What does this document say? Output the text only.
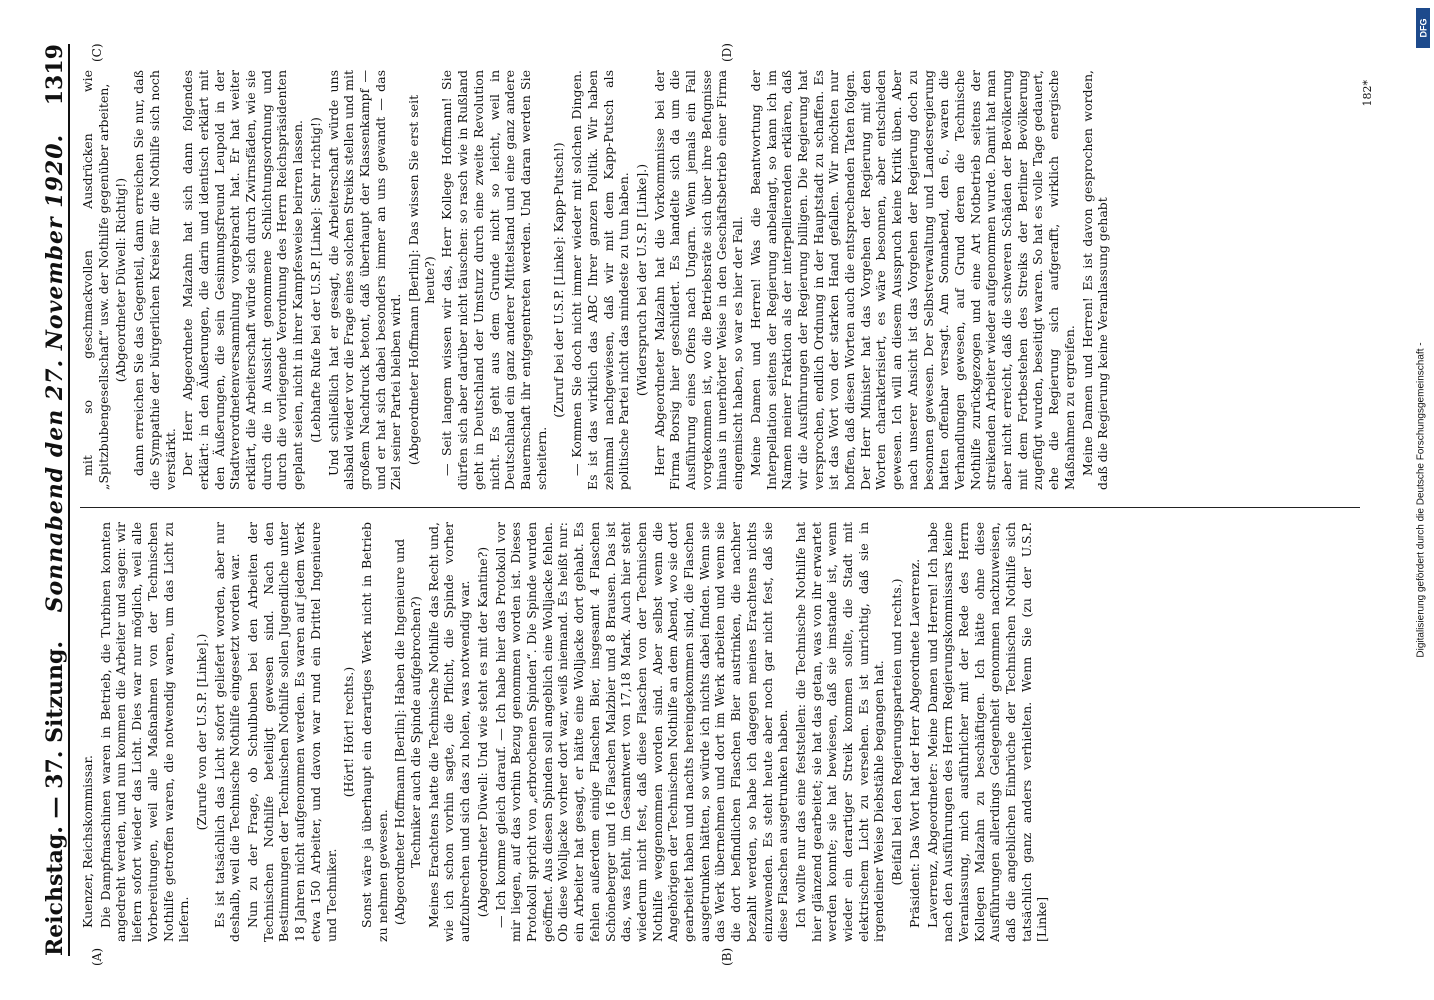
Reichstag. — 37. Sitzung.
Sonnabend den 27. November 1920.
1319

Kuenzer, Reichskommissar. Die Dampfmaschinen waren in Betrieb, die Turbinen konnten angedreht werden, und nun kommen die Arbeiter und sagen: wir liefern sofort wieder das Licht. Dies war nur möglich, weil alle Vorbereitungen, weil alle Maßnahmen von der Technischen Nothilfe getroffen waren, die notwendig waren, um das Licht zu liefern.

(Zurufe von der U.S.P. [Linke].) Es ist tatsächlich das Licht sofort geliefert worden, aber nur deshalb, weil die Technische Nothilfe eingesetzt worden war. Nun zu der Frage, ob Schulbuben bei den Arbeiten der Technischen Nothilfe beteiligt gewesen sind. Nach den Bestimmungen der Technischen Nothilfe sollen Jugendliche unter 18 Jahren nicht aufgenommen werden. Es waren auf jedem Werk etwa 150 Arbeiter, und davon war rund ein Drittel Ingenieure und Techniker.

(Hört! Hört! rechts.) Sonst wäre ja überhaupt ein derartiges Werk nicht in Betrieb zu nehmen gewesen. (Abgeordneter Hoffmann [Berlin]: Haben die Ingenieure und Techniker auch die Spinde aufgebrochen?) Meines Erachtens hatte die Technische Nothilfe das Recht und, wie ich schon vorhin sagte, die Pflicht, die Spinde vorher aufzubrechen und sich das zu holen, was notwendig war. (Abgeordneter Düwell: Und wie steht es mit der Kantine?) — Ich komme gleich darauf. — Ich habe hier das Protokoll vor mir liegen, auf das vorhin Bezug genommen worden ist. Dieses Protokoll spricht von „erbrochenen Spinden“. Die Spinde wurden geöffnet. Aus diesen Spinden soll angeblich eine Wolljacke fehlen. Ob diese Wolljacke vorher dort war, weiß niemand. Es heißt nur: ein Arbeiter hat gesagt, er hätte eine Wolljacke dort gehabt. Es fehlen außerdem einige Flaschen Bier, insgesamt 4 Flaschen Schöneberger und 16 Flaschen Malzbier und 8 Brausen. Das ist das, was fehlt, im Gesamtwert von 17,18 Mark. Auch hier steht wiederum nicht fest, daß diese Flaschen von der Technischen Nothilfe weggenommen worden sind. Aber selbst wenn die Angehörigen der Technischen Nothilfe an dem Abend, wo sie dort gearbeitet haben und nachts hereingekommen sind, die Flaschen ausgetrunken hätten, so würde ich nichts dabei finden. Wenn sie das Werk übernehmen und dort im Werk arbeiten und wenn sie die dort befindlichen Flaschen Bier austrinken, die nachher bezahlt werden, so habe ich dagegen meines Erachtens nichts einzuwenden. Es steht heute aber noch gar nicht fest, daß sie diese Flaschen ausgetrunken haben. Ich wollte nur das eine feststellen: die Technische Nothilfe hat hier glänzend gearbeitet; sie hat das getan, was von ihr erwartet werden konnte; sie hat bewiesen, daß sie imstande ist, wenn wieder ein derartiger Streik kommen sollte, die Stadt mit elektrischem Licht zu versehen. Es ist unrichtig, daß sie in irgendeiner Weise Diebstähle begangen hat. (Beifall bei den Regierungsparteien und rechts.) Präsident: Das Wort hat der Herr Abgeordnete Laverrenz. Laverrenz, Abgeordneter: Meine Damen und Herren! Ich habe nach den Ausführungen des Herrn Regierungskommissars keine Veranlassung, mich ausführlicher mit der Rede des Herrn Kollegen Malzahn zu beschäftigen. Ich hätte ohne diese Ausführungen allerdings Gelegenheit genommen nachzuweisen, daß die angeblichen Einbrüche der Technischen Nothilfe sich tatsächlich ganz anders verhielten. Wenn Sie (zu der U.S.P. [Linke]

mit so geschmackvollen Ausdrücken wie „Spitzbubengesellschaft“ usw. der Nothilfe gegenüber arbeiten, (Abgeordneter Düwell: Richtig!) dann erreichen Sie das Gegenteil, dann erreichen Sie nur, daß die Sympathie der bürgerlichen Kreise für die Nothilfe sich noch verstärkt. Der Herr Abgeordnete Malzahn hat sich dann folgendes erklärt: in den Äußerungen, die darin und identisch erklärt mit den Äußerungen, die sein Gesinnungsfreund Leupold in der Stadtverordnetenversammlung vorgebracht hat. Er hat weiter erklärt, die Arbeiterschaft würde sich durch Zwirnsfäden, wie sie durch die in Aussicht genommene Schlichtungsordnung und durch die vorliegende Verordnung des Herrn Reichspräsidenten geplant seien, nicht in ihrer Kampfesweise beirren lassen. (Lebhafte Rufe bei der U.S.P. [Linke]: Sehr richtig!) Und schließlich hat er gesagt, die Arbeiterschaft würde uns alsbald wieder vor die Frage eines solchen Streiks stellen und mit großem Nachdruck betont, daß überhaupt der Klassenkampf — und er hat sich dabei besonders immer an uns gewandt — das Ziel seiner Partei bleiben wird. (Abgeordneter Hoffmann [Berlin]: Das wissen Sie erst seit heute?) — Seit langem wissen wir das, Herr Kollege Hoffmann! Sie dürfen sich aber darüber nicht täuschen: so rasch wie in Rußland geht in Deutschland der Umsturz durch eine zweite Revolution nicht. Es geht aus dem Grunde nicht so leicht, weil in Deutschland ein ganz anderer Mittelstand und eine ganz andere Bauernschaft ihr entgegentreten werden. Und daran werden Sie scheitern.

(Zuruf bei der U.S.P. [Linke]: Kapp-Putsch!) — Kommen Sie doch nicht immer wieder mit solchen Dingen. Es ist das wirklich das ABC Ihrer ganzen Politik. Wir haben zehnmal nachgewiesen, daß wir mit dem Kapp-Putsch als politische Partei nicht das mindeste zu tun haben. (Widerspruch bei der U.S.P. [Linke].) Herr Abgeordneter Malzahn hat die Vorkommnisse bei der Firma Borsig hier geschildert. Es handelte sich da um die Ausführung eines Ofens nach Ungarn. Wenn jemals ein Fall vorgekommen ist, wo die Betriebsräte sich über ihre Befugnisse hinaus in unerhörter Weise in den Geschäftsbetrieb einer Firma eingemischt haben, so war es hier der Fall. Meine Damen und Herren! Was die Beantwortung der Interpellation seitens der Regierung anbelangt, so kann ich im Namen meiner Fraktion als der interpellierenden erklären, daß wir die Ausführungen der Regierung billigen. Die Regierung hat versprochen, endlich Ordnung in der Hauptstadt zu schaffen. Es ist das Wort von der starken Hand gefallen. Wir möchten nur hoffen, daß diesen Worten auch die entsprechenden Taten folgen. Der Herr Minister hat das Vorgehen der Regierung mit den Worten charakterisiert, es wäre besonnen, aber entschieden gewesen. Ich will an diesem Ausspruch keine Kritik üben. Aber nach unserer Ansicht ist das Vorgehen der Regierung doch zu besonnen gewesen. Der Selbstverwaltung und Landesregierung hatten offenbar versagt. Am Sonnabend, den 6., waren die Verhandlungen gewesen, auf Grund deren die Technische Nothilfe zurückgezogen und eine Art Notbetrieb seitens der streikenden Arbeiter wieder aufgenommen wurde. Damit hat man aber nicht erreicht, daß die schweren Schäden der Bevölkerung mit dem Fortbestehen des Streiks der Berliner Bevölkerung zugefügt wurden, beseitigt waren. So hat es volle Tage gedauert, ehe die Regierung sich aufgerafft, wirklich energische Maßnahmen zu ergreifen. Meine Damen und Herren! Es ist davon gesprochen worden, daß die Regierung keine Veranlassung gehabt

(A)	(B)
(C)	(D)
182*
DFG
Digitalisierung gefördert durch die Deutsche Forschungsgemeinschaft -
